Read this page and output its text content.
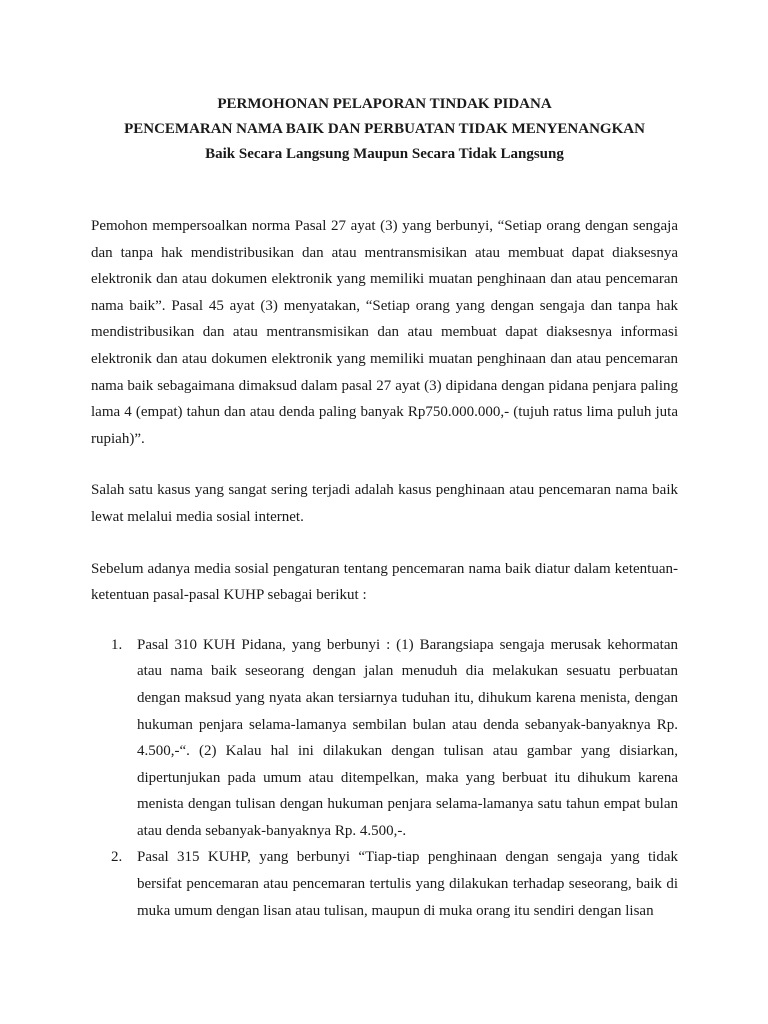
PERMOHONAN PELAPORAN TINDAK PIDANA
PENCEMARAN NAMA BAIK DAN PERBUATAN TIDAK MENYENANGKAN
Baik Secara Langsung Maupun Secara Tidak Langsung

Pemohon mempersoalkan norma Pasal 27 ayat (3) yang berbunyi, “Setiap orang dengan sengaja dan tanpa hak mendistribusikan dan atau mentransmisikan atau membuat dapat diaksesnya elektronik dan atau dokumen elektronik yang memiliki muatan penghinaan dan atau pencemaran nama baik”. Pasal 45 ayat (3) menyatakan, “Setiap orang yang dengan sengaja dan tanpa hak mendistribusikan dan atau mentransmisikan dan atau membuat dapat diaksesnya informasi elektronik dan atau dokumen elektronik yang memiliki muatan penghinaan dan atau pencemaran nama baik sebagaimana dimaksud dalam pasal 27 ayat (3) dipidana dengan pidana penjara paling lama 4 (empat) tahun dan atau denda paling banyak Rp750.000.000,- (tujuh ratus lima puluh juta rupiah)”.

Salah satu kasus yang sangat sering terjadi adalah kasus penghinaan atau pencemaran nama baik lewat melalui media sosial internet.

Sebelum adanya media sosial pengaturan tentang pencemaran nama baik diatur dalam ketentuan-ketentuan pasal-pasal KUHP sebagai berikut :

1. Pasal 310 KUH Pidana, yang berbunyi : (1) Barangsiapa sengaja merusak kehormatan atau nama baik seseorang dengan jalan menuduh dia melakukan sesuatu perbuatan dengan maksud yang nyata akan tersiarnya tuduhan itu, dihukum karena menista, dengan hukuman penjara selama-lamanya sembilan bulan atau denda sebanyak-banyaknya Rp. 4.500,-“. (2) Kalau hal ini dilakukan dengan tulisan atau gambar yang disiarkan, dipertunjukan pada umum atau ditempelkan, maka yang berbuat itu dihukum karena menista dengan tulisan dengan hukuman penjara selama-lamanya satu tahun empat bulan atau denda sebanyak-banyaknya Rp. 4.500,-.
2. Pasal 315 KUHP, yang berbunyi “Tiap-tiap penghinaan dengan sengaja yang tidak bersifat pencemaran atau pencemaran tertulis yang dilakukan terhadap seseorang, baik di muka umum dengan lisan atau tulisan, maupun di muka orang itu sendiri dengan lisan
